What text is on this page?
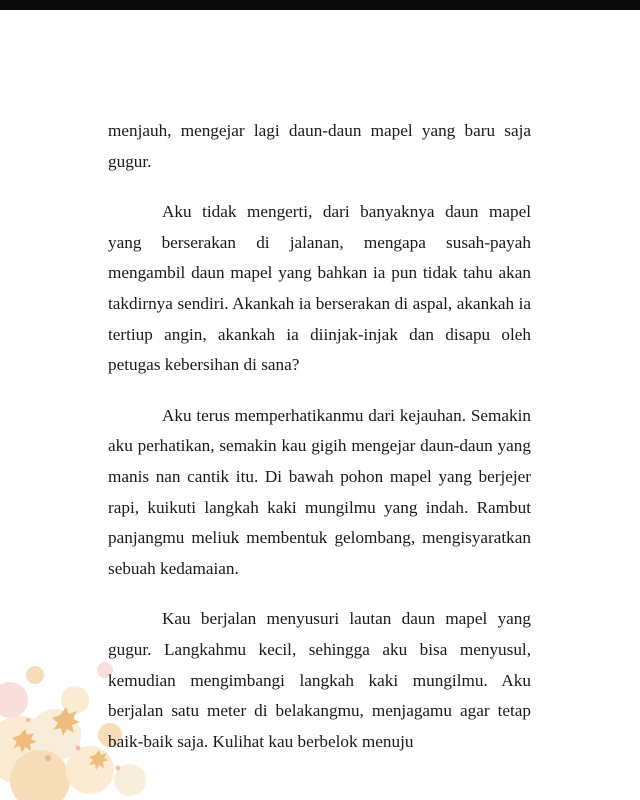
menjauh, mengejar lagi daun-daun mapel yang baru saja gugur.

Aku tidak mengerti, dari banyaknya daun mapel yang berserakan di jalanan, mengapa susah-payah mengambil daun mapel yang bahkan ia pun tidak tahu akan takdirnya sendiri. Akankah ia berserakan di aspal, akankah ia tertiup angin, akankah ia diinjak-injak dan disapu oleh petugas kebersihan di sana?

Aku terus memperhatikanmu dari kejauhan. Semakin aku perhatikan, semakin kau gigih mengejar daun-daun yang manis nan cantik itu. Di bawah pohon mapel yang berjejer rapi, kuikuti langkah kaki mungilmu yang indah. Rambut panjangmu meliuk membentuk gelombang, mengisyaratkan sebuah kedamaian.

Kau berjalan menyusuri lautan daun mapel yang gugur. Langkahmu kecil, sehingga aku bisa menyusul, kemudian mengimbangi langkah kaki mungilmu. Aku berjalan satu meter di belakangmu, menjagamu agar tetap baik-baik saja. Kulihat kau berbelok menuju
